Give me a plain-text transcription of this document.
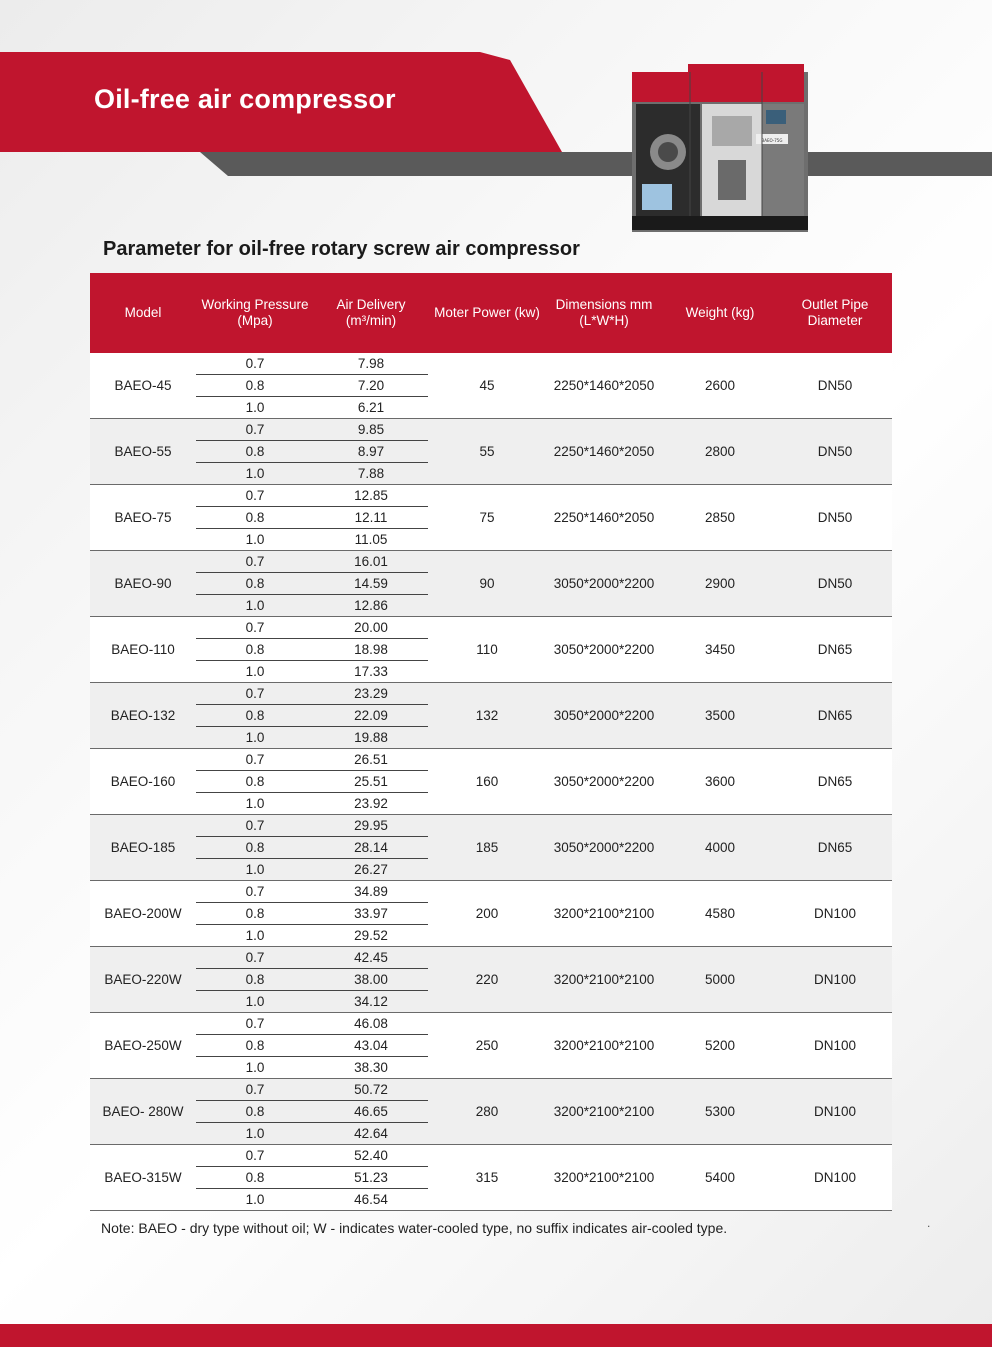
Oil-free air compressor
BAEO-75G
Parameter for oil-free rotary screw air compressor
Model	Working Pressure (Mpa)	Air Delivery (m³/min)	Moter Power (kw)	Dimensions mm (L*W*H)	Weight (kg)	Outlet Pipe Diameter
BAEO-45	0.7	7.98	45	2250*1460*2050	2600	DN50
	0.8	7.20				
	1.0	6.21				
BAEO-55	0.7	9.85	55	2250*1460*2050	2800	DN50
	0.8	8.97				
	1.0	7.88				
BAEO-75	0.7	12.85	75	2250*1460*2050	2850	DN50
	0.8	12.11				
	1.0	11.05				
BAEO-90	0.7	16.01	90	3050*2000*2200	2900	DN50
	0.8	14.59				
	1.0	12.86				
BAEO-110	0.7	20.00	110	3050*2000*2200	3450	DN65
	0.8	18.98				
	1.0	17.33				
BAEO-132	0.7	23.29	132	3050*2000*2200	3500	DN65
	0.8	22.09				
	1.0	19.88				
BAEO-160	0.7	26.51	160	3050*2000*2200	3600	DN65
	0.8	25.51				
	1.0	23.92				
BAEO-185	0.7	29.95	185	3050*2000*2200	4000	DN65
	0.8	28.14				
	1.0	26.27				
BAEO-200W	0.7	34.89	200	3200*2100*2100	4580	DN100
	0.8	33.97				
	1.0	29.52				
BAEO-220W	0.7	42.45	220	3200*2100*2100	5000	DN100
	0.8	38.00				
	1.0	34.12				
BAEO-250W	0.7	46.08	250	3200*2100*2100	5200	DN100
	0.8	43.04				
	1.0	38.30				
BAEO- 280W	0.7	50.72	280	3200*2100*2100	5300	DN100
	0.8	46.65				
	1.0	42.64				
BAEO-315W	0.7	52.40	315	3200*2100*2100	5400	DN100
	0.8	51.23				
	1.0	46.54				

Note: BAEO - dry type without oil; W - indicates water-cooled type, no suffix indicates air-cooled type.	.
